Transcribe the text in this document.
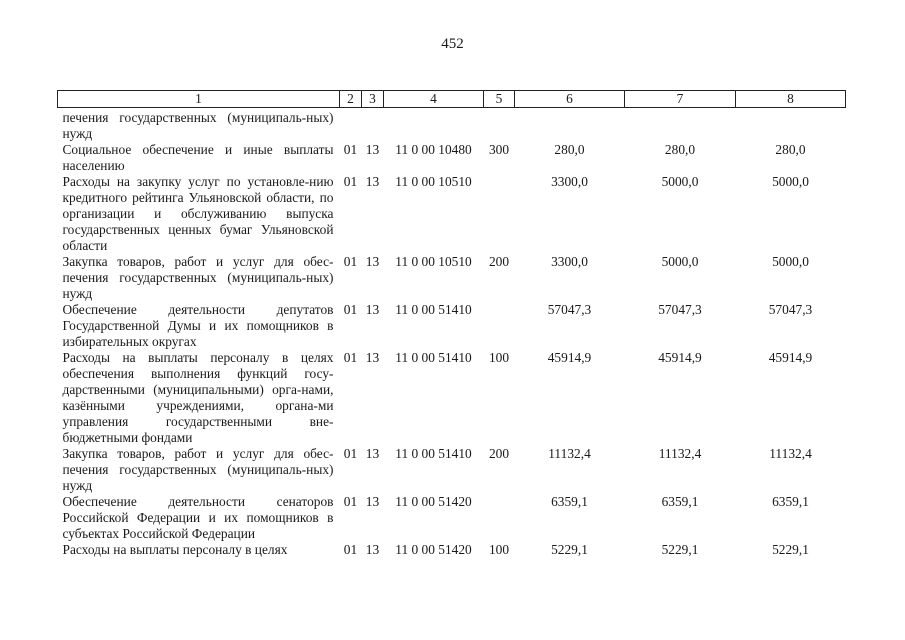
452
1	2	3	4	5	6	7	8
печения государственных (муниципаль-ных) нужд							
Социальное обеспечение и иные выплаты населению	01	13	11 0 00 10480	300	280,0	280,0	280,0
Расходы на закупку услуг по установле-нию кредитного рейтинга Ульяновской области, по организации и обслуживанию выпуска государственных ценных бумаг Ульяновской области	01	13	11 0 00 10510		3300,0	5000,0	5000,0
Закупка товаров, работ и услуг для обес-печения государственных (муниципаль-ных) нужд	01	13	11 0 00 10510	200	3300,0	5000,0	5000,0
Обеспечение деятельности депутатов Государственной Думы и их помощников в избирательных округах	01	13	11 0 00 51410		57047,3	57047,3	57047,3
Расходы на выплаты персоналу в целях обеспечения выполнения функций госу-дарственными (муниципальными) орга-нами, казёнными учреждениями, органа-ми управления государственными вне-бюджетными фондами	01	13	11 0 00 51410	100	45914,9	45914,9	45914,9
Закупка товаров, работ и услуг для обес-печения государственных (муниципаль-ных) нужд	01	13	11 0 00 51410	200	11132,4	11132,4	11132,4
Обеспечение деятельности сенаторов Российской Федерации и их помощников в субъектах Российской Федерации	01	13	11 0 00 51420		6359,1	6359,1	6359,1
Расходы на выплаты персоналу в целях	01	13	11 0 00 51420	100	5229,1	5229,1	5229,1
